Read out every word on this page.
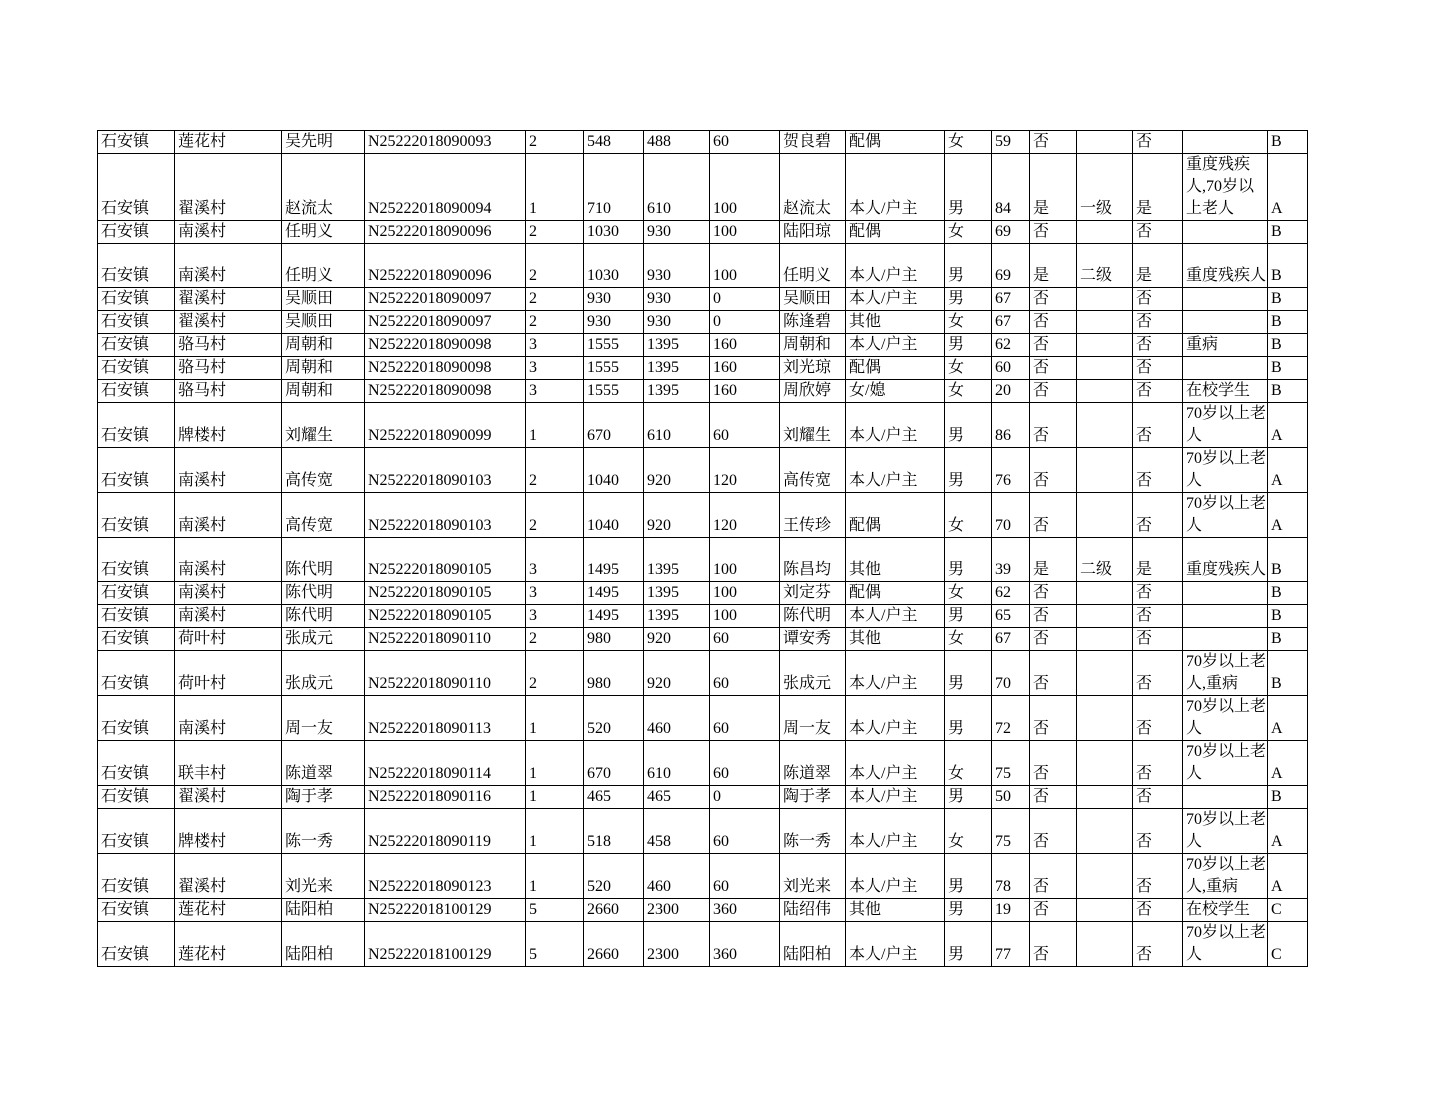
石安镇	莲花村	吴先明	N25222018090093	2	548	488	60	贺良碧	配偶	女	59	否		否		B
石安镇	翟溪村	赵流太	N25222018090094	1	710	610	100	赵流太	本人/户主	男	84	是	一级	是	重度残疾人,70岁以上老人	A
石安镇	南溪村	任明义	N25222018090096	2	1030	930	100	陆阳琼	配偶	女	69	否		否		B
石安镇	南溪村	任明义	N25222018090096	2	1030	930	100	任明义	本人/户主	男	69	是	二级	是	重度残疾人	B
石安镇	翟溪村	吴顺田	N25222018090097	2	930	930	0	吴顺田	本人/户主	男	67	否		否		B
石安镇	翟溪村	吴顺田	N25222018090097	2	930	930	0	陈逢碧	其他	女	67	否		否		B
石安镇	骆马村	周朝和	N25222018090098	3	1555	1395	160	周朝和	本人/户主	男	62	否		否	重病	B
石安镇	骆马村	周朝和	N25222018090098	3	1555	1395	160	刘光琼	配偶	女	60	否		否		B
石安镇	骆马村	周朝和	N25222018090098	3	1555	1395	160	周欣婷	女/媳	女	20	否		否	在校学生	B
石安镇	牌楼村	刘耀生	N25222018090099	1	670	610	60	刘耀生	本人/户主	男	86	否		否	70岁以上老人	A
石安镇	南溪村	高传宽	N25222018090103	2	1040	920	120	高传宽	本人/户主	男	76	否		否	70岁以上老人	A
石安镇	南溪村	高传宽	N25222018090103	2	1040	920	120	王传珍	配偶	女	70	否		否	70岁以上老人	A
石安镇	南溪村	陈代明	N25222018090105	3	1495	1395	100	陈昌均	其他	男	39	是	二级	是	重度残疾人	B
石安镇	南溪村	陈代明	N25222018090105	3	1495	1395	100	刘定芬	配偶	女	62	否		否		B
石安镇	南溪村	陈代明	N25222018090105	3	1495	1395	100	陈代明	本人/户主	男	65	否		否		B
石安镇	荷叶村	张成元	N25222018090110	2	980	920	60	谭安秀	其他	女	67	否		否		B
石安镇	荷叶村	张成元	N25222018090110	2	980	920	60	张成元	本人/户主	男	70	否		否	70岁以上老人,重病	B
石安镇	南溪村	周一友	N25222018090113	1	520	460	60	周一友	本人/户主	男	72	否		否	70岁以上老人	A
石安镇	联丰村	陈道翠	N25222018090114	1	670	610	60	陈道翠	本人/户主	女	75	否		否	70岁以上老人	A
石安镇	翟溪村	陶于孝	N25222018090116	1	465	465	0	陶于孝	本人/户主	男	50	否		否		B
石安镇	牌楼村	陈一秀	N25222018090119	1	518	458	60	陈一秀	本人/户主	女	75	否		否	70岁以上老人	A
石安镇	翟溪村	刘光来	N25222018090123	1	520	460	60	刘光来	本人/户主	男	78	否		否	70岁以上老人,重病	A
石安镇	莲花村	陆阳柏	N25222018100129	5	2660	2300	360	陆绍伟	其他	男	19	否		否	在校学生	C
石安镇	莲花村	陆阳柏	N25222018100129	5	2660	2300	360	陆阳柏	本人/户主	男	77	否		否	70岁以上老人	C
